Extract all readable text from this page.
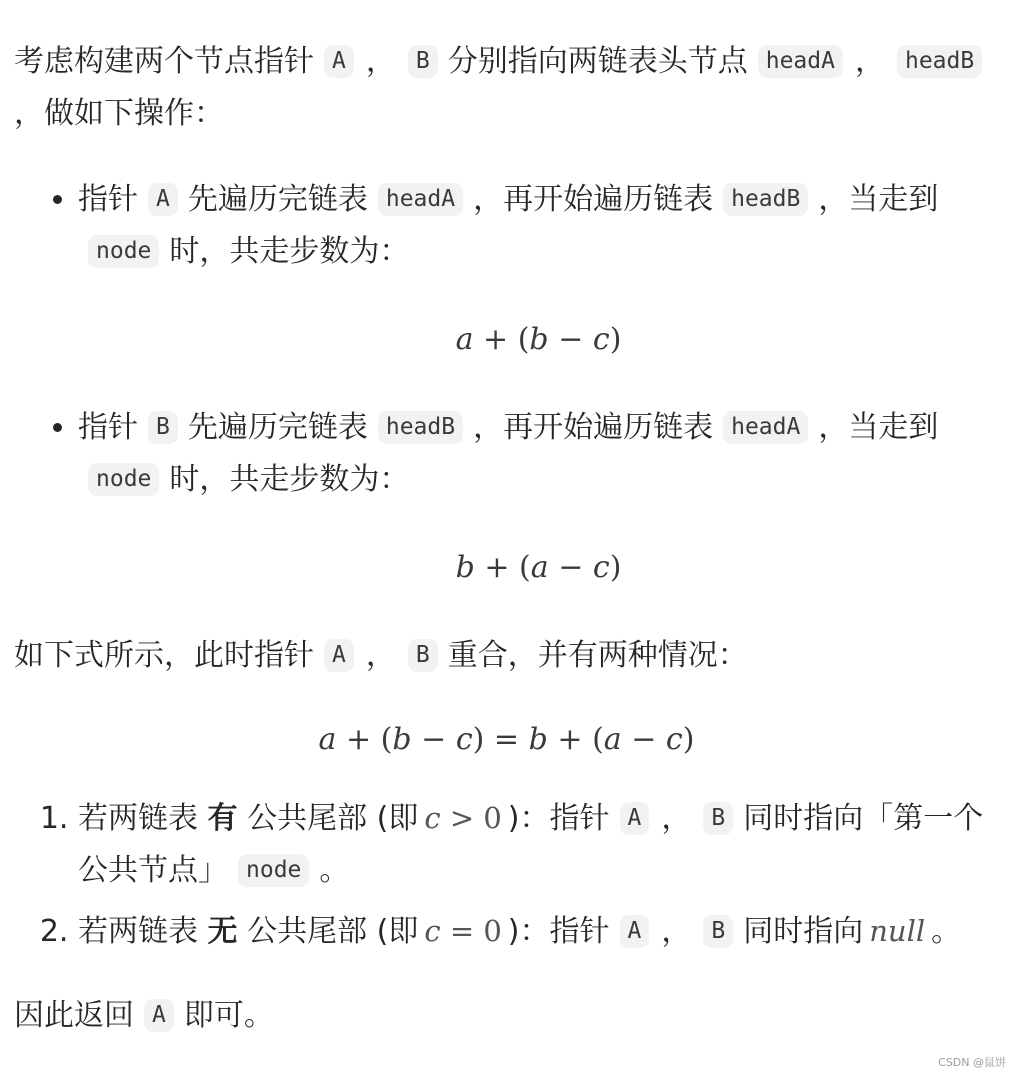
考虑构建两个节点指针 A ， B 分别指向两链表头节点 headA ， headB，做如下操作：

• 指针 A 先遍历完链表 headA ，再开始遍历链表 headB ，当走到node 时，共走步数为：
a + (b − c)
• 指针 B 先遍历完链表 headB ，再开始遍历链表 headA ，当走到node 时，共走步数为：
b + (a − c)

如下式所示，此时指针 A ， B 重合，并有两种情况：

a + (b − c) = b + (a − c)
1. 若两链表 有 公共尾部 (即 c > 0 )：指针 A ， B 同时指向「第一个公共节点」 node 。
2. 若两链表 无 公共尾部 (即 c = 0 )：指针 A ， B 同时指向 null 。

因此返回 A 即可。

CSDN @鼠饼
